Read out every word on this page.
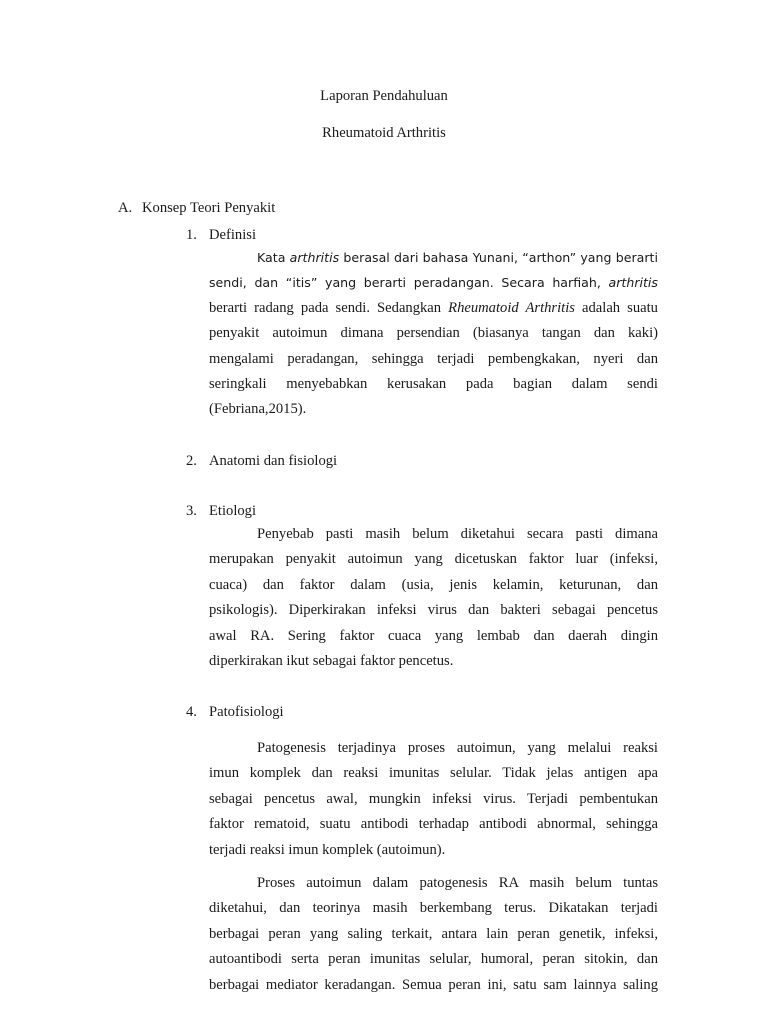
Laporan Pendahuluan
Rheumatoid Arthritis
A. Konsep Teori Penyakit
1. Definisi
Kata arthritis berasal dari bahasa Yunani, “arthon” yang berarti
sendi, dan “itis” yang berarti peradangan. Secara harfiah, arthritis
berarti radang pada sendi. Sedangkan Rheumatoid Arthritis adalah suatu
penyakit autoimun dimana persendian (biasanya tangan dan kaki)
mengalami peradangan, sehingga terjadi pembengkakan, nyeri dan
seringkali menyebabkan kerusakan pada bagian dalam sendi
(Febriana,2015).
2. Anatomi dan fisiologi
3. Etiologi
Penyebab pasti masih belum diketahui secara pasti dimana
merupakan penyakit autoimun yang dicetuskan faktor luar (infeksi,
cuaca) dan faktor dalam (usia, jenis kelamin, keturunan, dan
psikologis). Diperkirakan infeksi virus dan bakteri sebagai pencetus
awal RA. Sering faktor cuaca yang lembab dan daerah dingin
diperkirakan ikut sebagai faktor pencetus.
4. Patofisiologi
Patogenesis terjadinya proses autoimun, yang melalui reaksi
imun komplek dan reaksi imunitas selular. Tidak jelas antigen apa
sebagai pencetus awal, mungkin infeksi virus. Terjadi pembentukan
faktor rematoid, suatu antibodi terhadap antibodi abnormal, sehingga
terjadi reaksi imun komplek (autoimun).
Proses autoimun dalam patogenesis RA masih belum tuntas
diketahui, dan teorinya masih berkembang terus. Dikatakan terjadi
berbagai peran yang saling terkait, antara lain peran genetik, infeksi,
autoantibodi serta peran imunitas selular, humoral, peran sitokin, dan
berbagai mediator keradangan. Semua peran ini, satu sam lainnya saling
